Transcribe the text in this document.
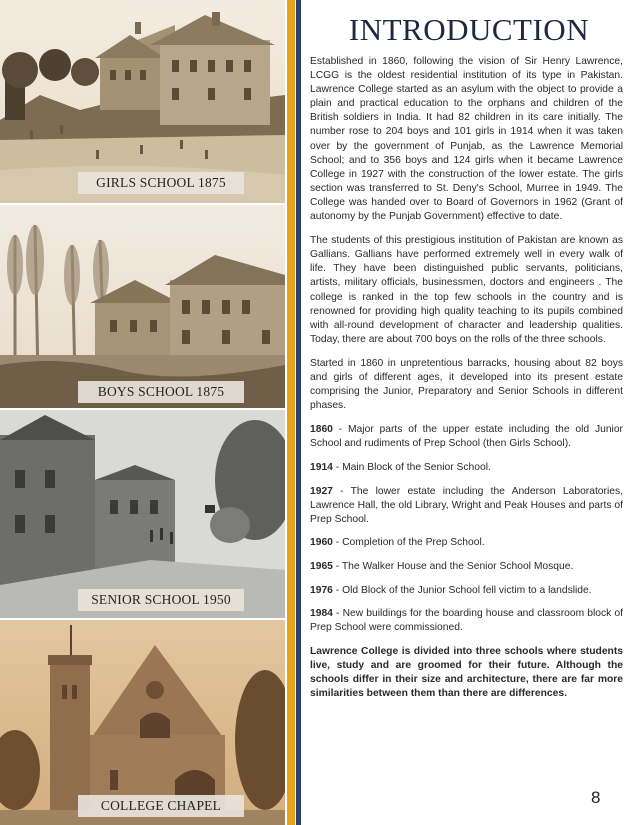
GIRLS SCHOOL 1875
BOYS SCHOOL 1875
SENIOR SCHOOL 1950
COLLEGE CHAPEL
INTRODUCTION

Established in 1860, following the vision of Sir Henry Lawrence, LCGG is the oldest residential institution of its type in Pakistan. Lawrence College started as an asylum with the object to provide a plain and practical education to the orphans and children of the British soldiers in India. It had 82 children in its care initially. The number rose to 204 boys and 101 girls in 1914 when it was taken over by the government of Punjab, as the Lawrence Memorial School; and to 356 boys and 124 girls when it became Lawrence College in 1927 with the construction of the lower estate. The girls section was transferred to St. Deny's School, Murree in 1949. The College was handed over to Board of Governors in 1962 (Grant of autonomy by the Punjab Government) effective to date.

The students of this prestigious institution of Pakistan are known as Gallians. Gallians have performed extremely well in every walk of life. They have been distinguished public servants, politicians, artists, military officials, businessmen, doctors and engineers . The college is ranked in the top few schools in the country and is renowned for providing high quality teaching to its pupils combined with all-round development of character and leadership qualities. Today, there are about 700 boys on the rolls of the three schools.

Started in 1860 in unpretentious barracks, housing about 82 boys and girls of different ages, it developed into its present estate comprising the Junior, Preparatory and Senior Schools in different phases.

1860 - Major parts of the upper estate including the old Junior School and rudiments of Prep School (then Girls School).

1914 - Main Block of the Senior School.

1927 - The lower estate including the Anderson Laboratories, Lawrence Hall, the old Library, Wright and Peak Houses and parts of Prep School.

1960 - Completion of the Prep School.

1965 - The Walker House and the Senior School Mosque.

1976 - Old Block of the Junior School fell victim to a landslide.

1984 - New buildings for the boarding house and classroom block of Prep School were commissioned.

Lawrence College is divided into three schools where students live, study and are groomed for their future. Although the schools differ in their size and architecture, there are far more similarities between them than there are differences.

8
